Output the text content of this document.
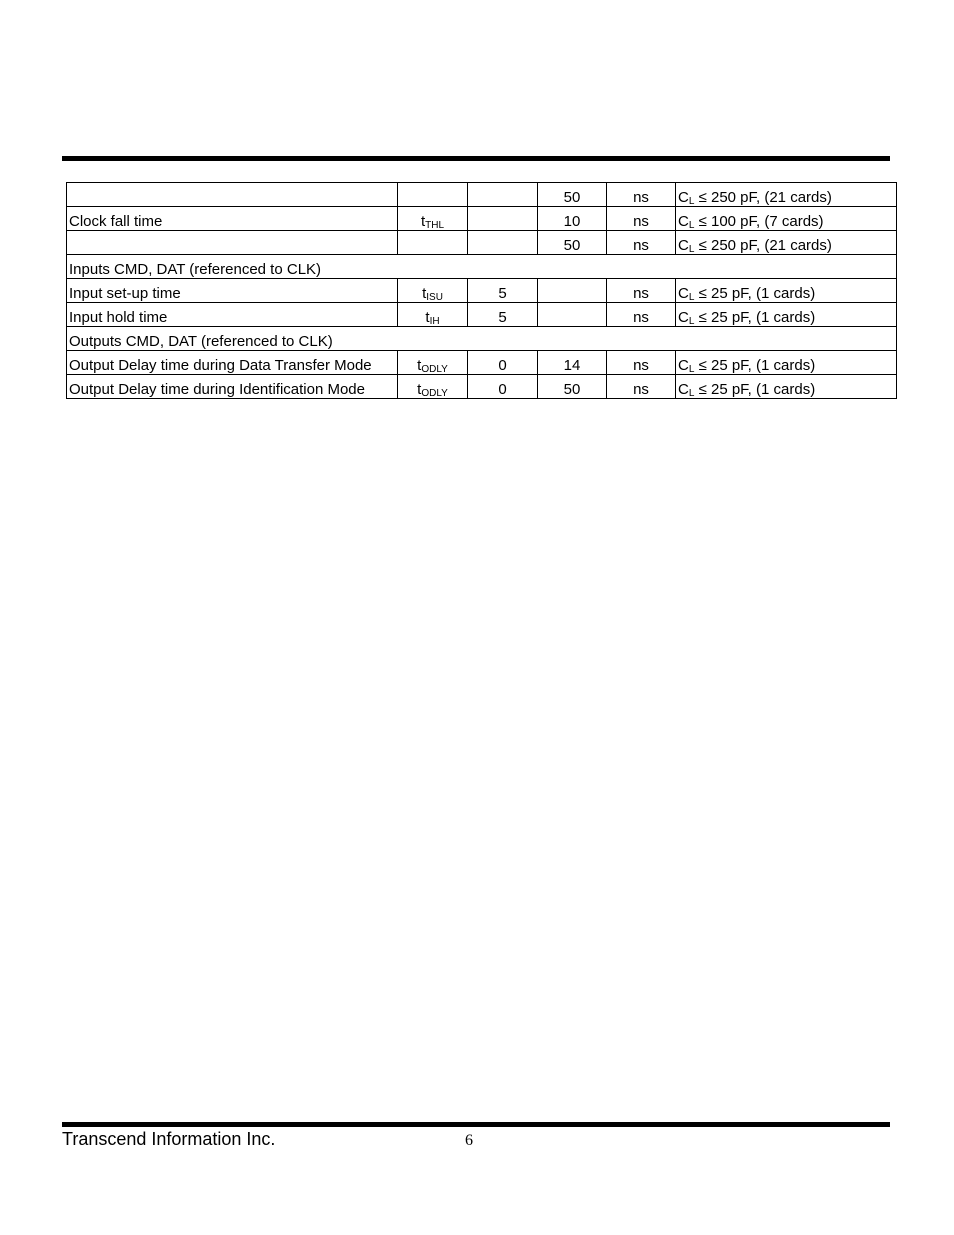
			50	ns	$C_L \le 250$ pF, (21 cards)
Clock fall time	$t_{THL}$		10	ns	$C_L \le 100$ pF, (7 cards)
			50	ns	$C_L \le 250$ pF, (21 cards)
Inputs CMD, DAT (referenced to CLK)					
Input set-up time	$t_{ISU}$	5		ns	$C_L \le 25$ pF, (1 cards)
Input hold time	$t_{IH}$	5		ns	$C_L \le 25$ pF, (1 cards)
Outputs CMD, DAT (referenced to CLK)					
Output Delay time during Data Transfer Mode	$t_{ODLY}$	0	14	ns	$C_L \le 25$ pF, (1 cards)
Output Delay time during Identification Mode	$t_{ODLY}$	0	50	ns	$C_L \le 25$ pF, (1 cards)
Transcend Information Inc.	6
